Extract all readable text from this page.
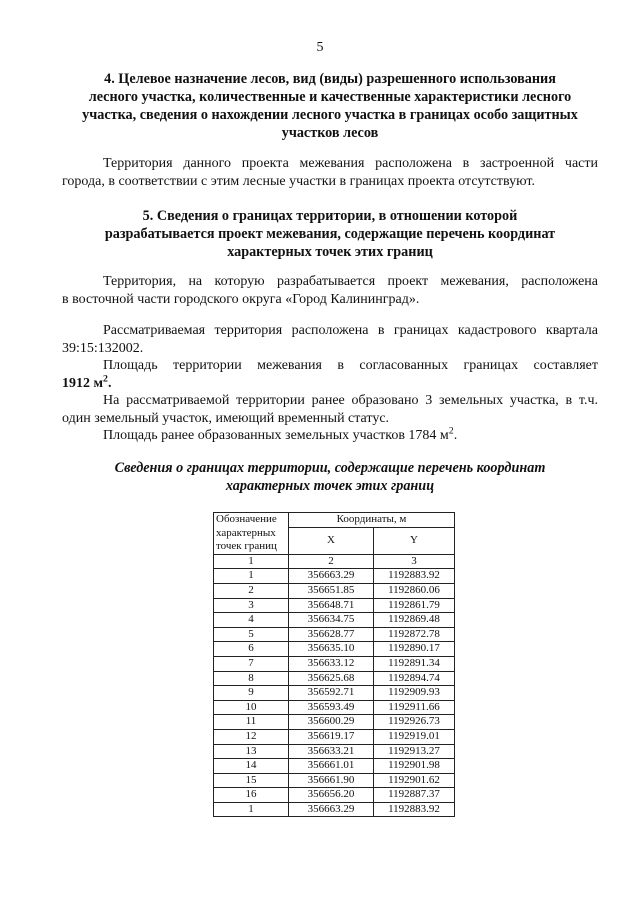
5
4. Целевое назначение лесов, вид (виды) разрешенного использования
лесного участка, количественные и качественные характеристики лесного
участка, сведения о нахождении лесного участка в границах особо защитных
участков лесов
Территория данного проекта межевания расположена в застроенной части
города, в соответствии с этим лесные участки в границах проекта отсутствуют.
5. Сведения о границах территории, в отношении которой
разрабатывается проект межевания, содержащие перечень координат
характерных точек этих границ
Территория, на которую разрабатывается проект межевания, расположена
в восточной части городского округа «Город Калининград».
Рассматриваемая территория расположена в границах кадастрового квартала
39:15:132002.
Площадь территории межевания в согласованных границах составляет
1912 $м^2$.
На рассматриваемой территории ранее образовано 3 земельных участка, в т.ч.
один земельный участок, имеющий временный статус.
Площадь ранее образованных земельных участков 1784 $м^2$.
Сведения о границах территории, содержащие перечень координат
характерных точек этих границ
Обозначение
характерных
точек границ	Координаты, м	
	X	Y
1	2	3
1	356663.29	1192883.92
2	356651.85	1192860.06
3	356648.71	1192861.79
4	356634.75	1192869.48
5	356628.77	1192872.78
6	356635.10	1192890.17
7	356633.12	1192891.34
8	356625.68	1192894.74
9	356592.71	1192909.93
10	356593.49	1192911.66
11	356600.29	1192926.73
12	356619.17	1192919.01
13	356633.21	1192913.27
14	356661.01	1192901.98
15	356661.90	1192901.62
16	356656.20	1192887.37
1	356663.29	1192883.92
